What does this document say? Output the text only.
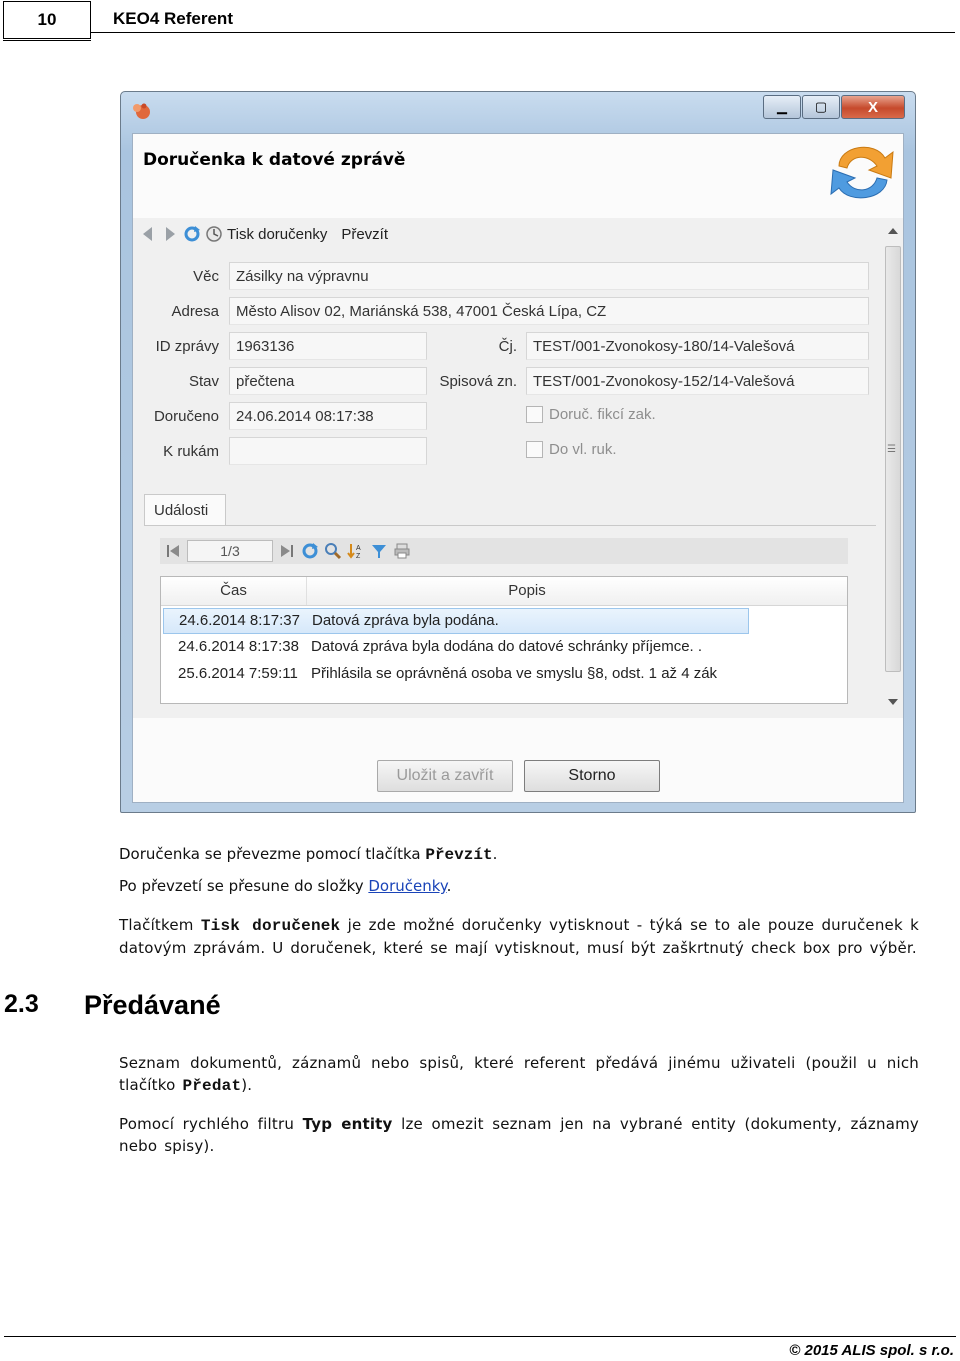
10	KEO4 Referent
▁	▢	X
Doručenka k datové zprávě
Tisk doručenky Převzít
Věc	Zásilky na výpravnu
Adresa	Město Alisov 02, Mariánská 538, 47001 Česká Lípa, CZ
ID zprávy	1963136	Čj.	TEST/001-Zvonokosy-180/14-Valešová
Stav	přečtena	Spisová zn.	TEST/001-Zvonokosy-152/14-Valešová
Doručeno	24.06.2014 08:17:38
K rukám
Doruč. fikcí zak.
Do vl. ruk.	☰
Události
1/3	A
Z
Čas	Popis
24.6.2014 8:17:37 Datová zpráva byla podána.
24.6.2014 8:17:38 Datová zpráva byla dodána do datové schránky příjemce. .
25.6.2014 7:59:11 Přihlásila se oprávněná osoba ve smyslu §8, odst. 1 až 4 zák
Uložit a zavřít	Storno
Doručenka se převezme pomocí tlačítka Převzít.
Po převzetí se přesune do složky Doručenky.
Tlačítkem Tisk doručenek je zde možné doručenky vytisknout - týká se to ale pouze duručenek k datovým zprávám. U doručenek, které se mají vytisknout, musí být zaškrtnutý check box pro výběr.
2.3 Předávané
Seznam dokumentů, záznamů nebo spisů, které referent předává jinému uživateli (použil u nich tlačítko Předat).
Pomocí rychlého filtru Typ entity lze omezit seznam jen na vybrané entity (dokumenty, záznamy nebo spisy).
© 2015 ALIS spol. s r.o.
